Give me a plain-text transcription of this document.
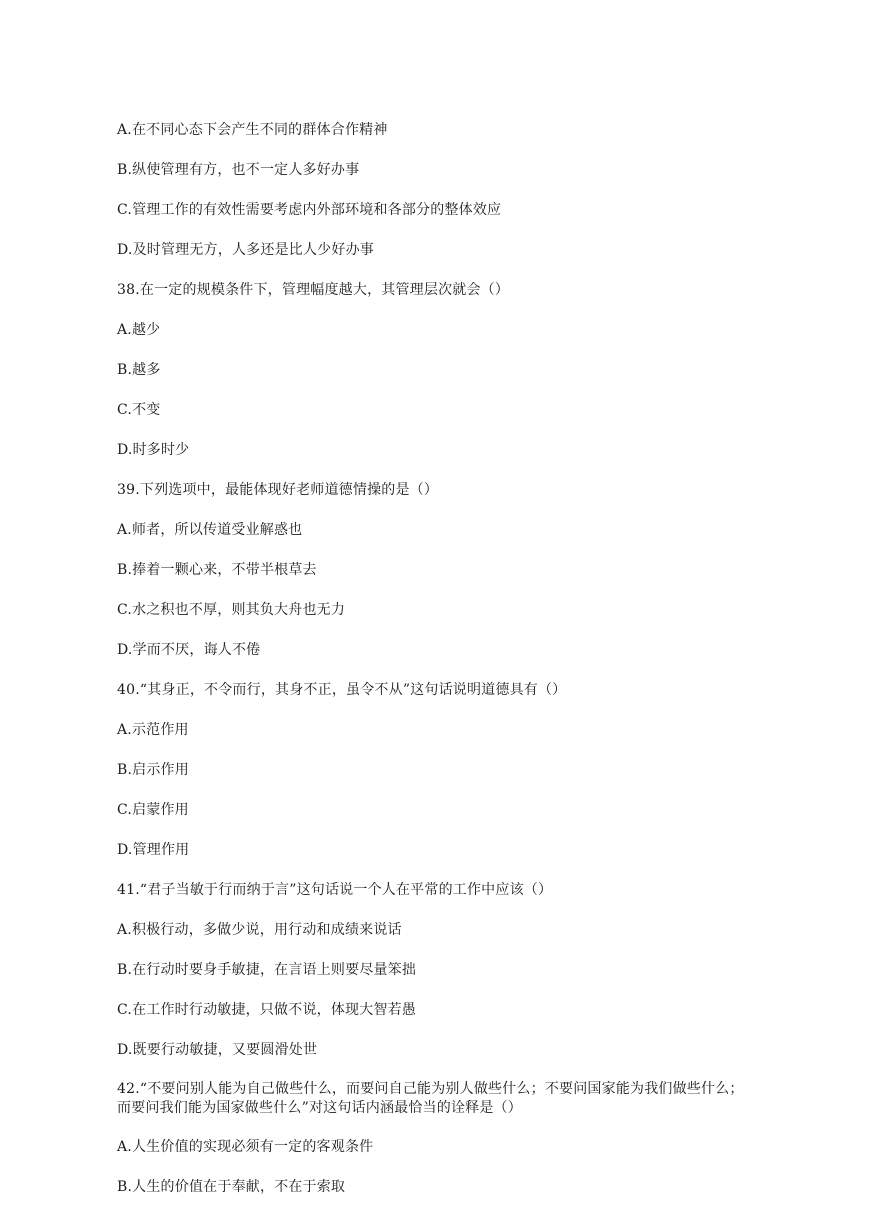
A.在不同心态下会产生不同的群体合作精神

B.纵使管理有方，也不一定人多好办事

C.管理工作的有效性需要考虑内外部环境和各部分的整体效应

D.及时管理无方，人多还是比人少好办事

38.在一定的规模条件下，管理幅度越大，其管理层次就会（）

A.越少

B.越多

C.不变

D.时多时少

39.下列选项中，最能体现好老师道德情操的是（）

A.师者，所以传道受业解惑也

B.捧着一颗心来，不带半根草去

C.水之积也不厚，则其负大舟也无力

D.学而不厌，诲人不倦

40.“其身正，不令而行，其身不正，虽令不从”这句话说明道德具有（）

A.示范作用

B.启示作用

C.启蒙作用

D.管理作用

41.“君子当敏于行而纳于言”这句话说一个人在平常的工作中应该（）

A.积极行动，多做少说，用行动和成绩来说话

B.在行动时要身手敏捷，在言语上则要尽量笨拙

C.在工作时行动敏捷，只做不说，体现大智若愚

D.既要行动敏捷，又要圆滑处世

42.“不要问别人能为自己做些什么，而要问自己能为别人做些什么；不要问国家能为我们做些什么；而要问我们能为国家做些什么”对这句话内涵最恰当的诠释是（）

A.人生价值的实现必须有一定的客观条件

B.人生的价值在于奉献，不在于索取
